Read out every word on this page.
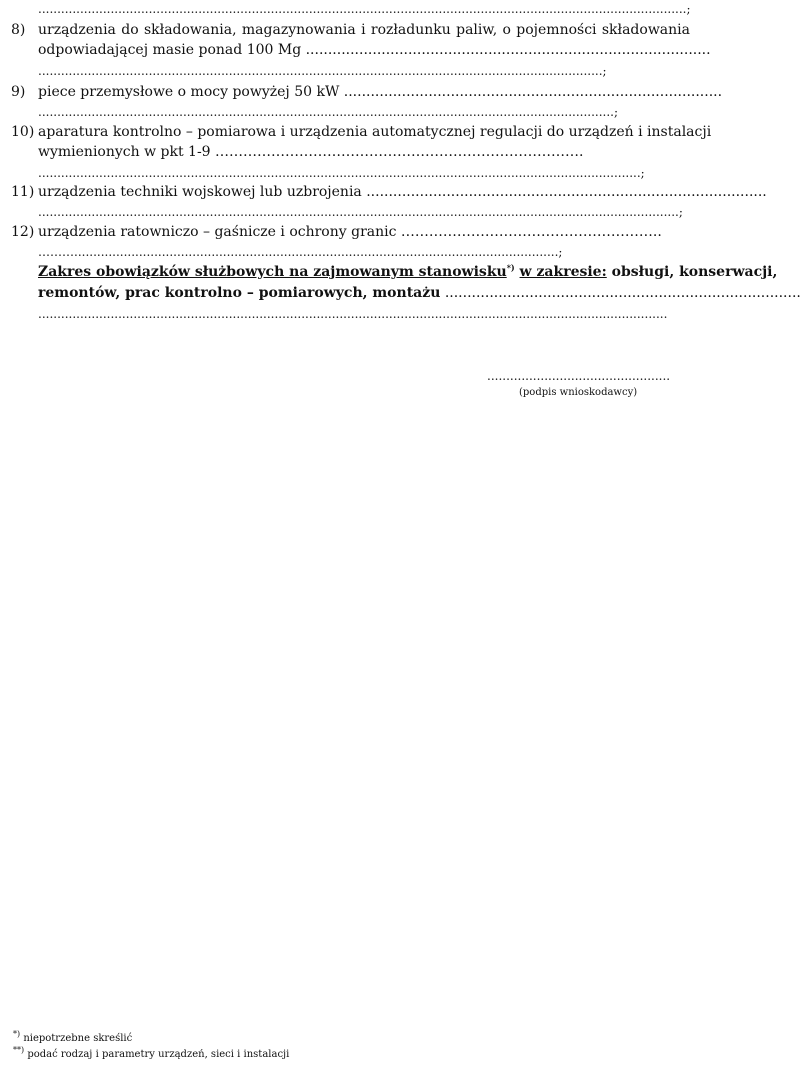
..........................................................................................................................................................................;
8) urządzenia do składowania, magazynowania i rozładunku paliw, o pojemności składowania
odpowiadającej masie ponad 100 Mg ...........................................................................................
....................................................................................................................................................;
9) piece przemysłowe o mocy powyżej 50 kW .....................................................................................
.......................................................................................................................................................;
10) aparatura kontrolno – pomiarowa i urządzenia automatycznej regulacji do urządzeń i instalacji
wymienionych w pkt 1-9 …………………………………………………………………….
..............................................................................................................................................................;
11) urządzenia techniki wojskowej lub uzbrojenia ..........................................................................................
........................................................................................................................................................................;
12) urządzenia ratowniczo – gaśnicze i ochrony granic ………………………………………………..
………...............................................................................................................................;
Zakres obowiązków służbowych na zajmowanym stanowisku*) w zakresie: obsługi, konserwacji,
remontów, prac kontrolno – pomiarowych, montażu ................................................................................
.....................................................................................................................................................................
................................................
(podpis wnioskodawcy)
*) niepotrzebne skreślić
**) podać rodzaj i parametry urządzeń, sieci i instalacji
